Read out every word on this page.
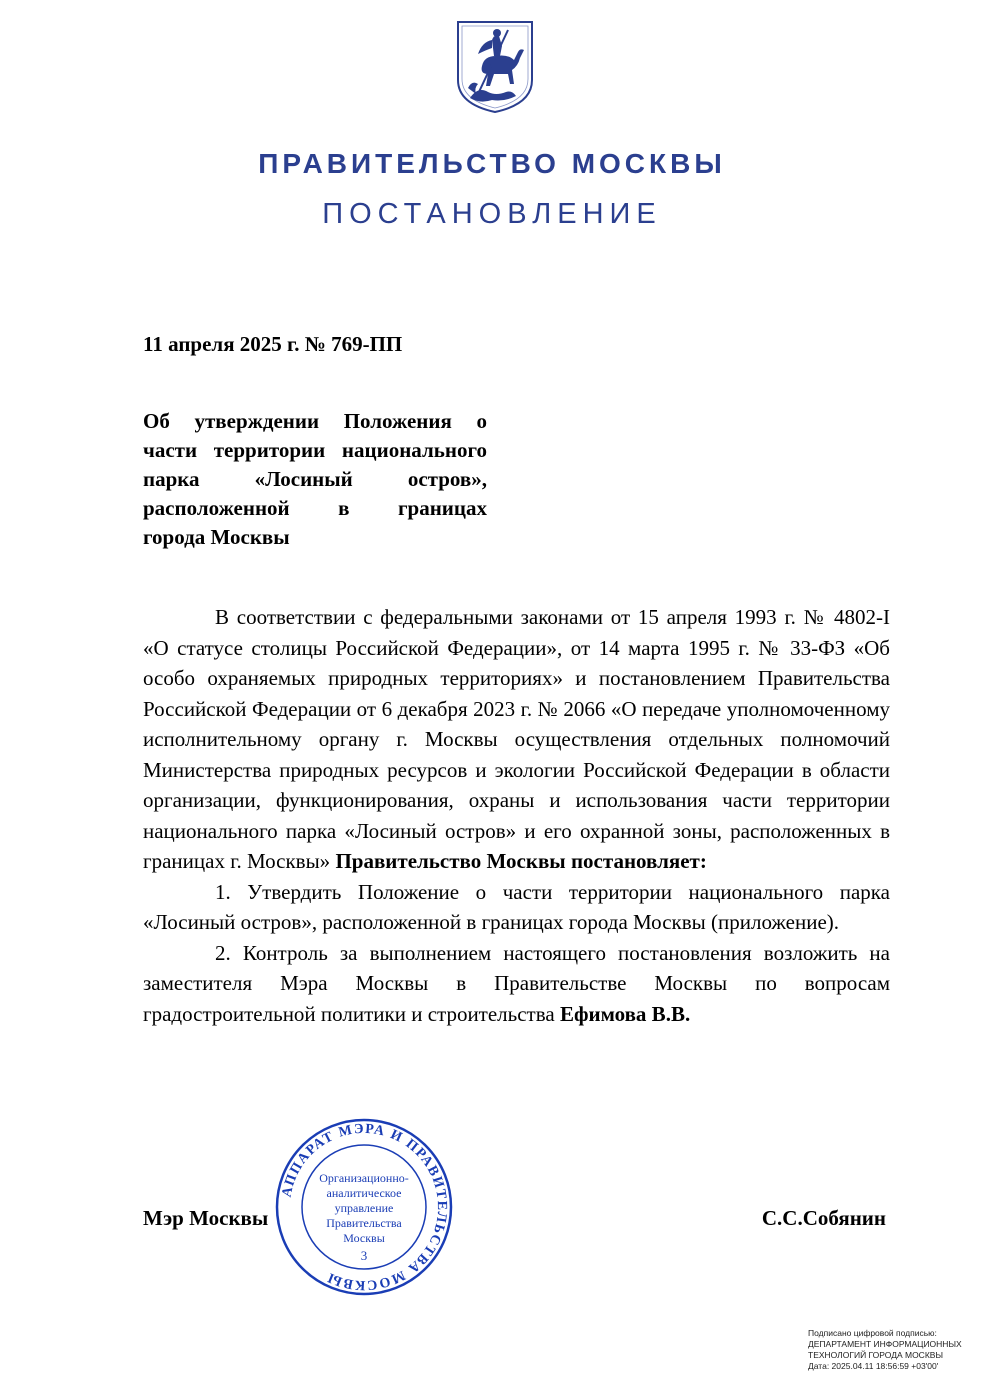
ПРАВИТЕЛЬСТВО МОСКВЫ
ПОСТАНОВЛЕНИЕ
11 апреля 2025 г. № 769-ПП
Об утверждении Положения о
части территории национального
парка «Лосиный остров»,
расположенной в границах
города Москвы

В соответствии с федеральными законами от 15 апреля 1993 г. № 4802-I «О статусе столицы Российской Федерации», от 14 марта 1995 г. № 33-ФЗ «Об особо охраняемых природных территориях» и постановлением Правительства Российской Федерации от 6 декабря 2023 г. № 2066 «О передаче уполномоченному исполнительному органу г. Москвы осуществления отдельных полномочий Министерства природных ресурсов и экологии Российской Федерации в области организации, функционирования, охраны и использования части территории национального парка «Лосиный остров» и его охранной зоны, расположенных в границах г. Москвы» Правительство Москвы постановляет:

1. Утвердить Положение о части территории национального парка «Лосиный остров», расположенной в границах города Москвы (приложение).

2. Контроль за выполнением настоящего постановления возложить на заместителя Мэра Москвы в Правительстве Москвы по вопросам градостроительной политики и строительства Ефимова В.В.

Мэр Москвы	С.С.Собянин
АППАРАТ МЭРА И ПРАВИТЕЛЬСТВА МОСКВЫ
Организационно-
аналитическое
управление
Правительства
Москвы
3
Подписано цифровой подписью:
ДЕПАРТАМЕНТ ИНФОРМАЦИОННЫХ
ТЕХНОЛОГИЙ ГОРОДА МОСКВЫ
Дата: 2025.04.11 18:56:59 +03'00'
